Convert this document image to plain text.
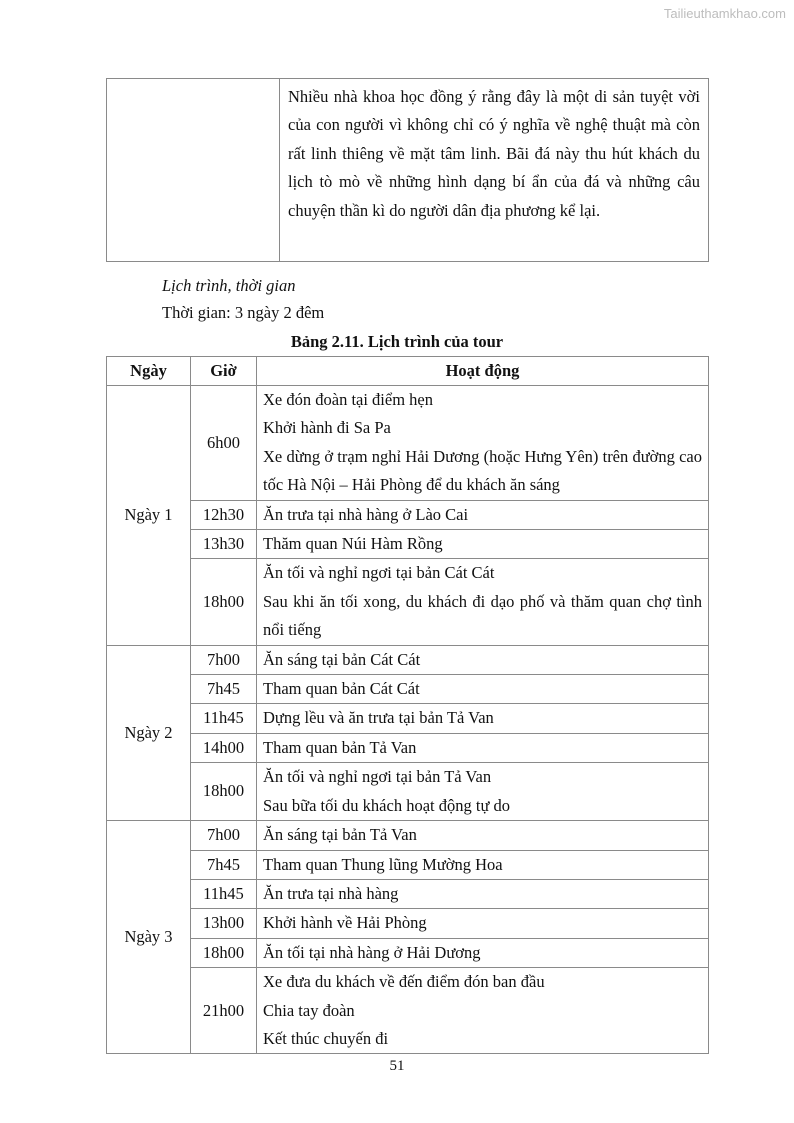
Tailieuthamkhao.com
	Nhiều nhà khoa học đồng ý rằng đây là một di sản tuyệt vời của con người vì không chỉ có ý nghĩa về nghệ thuật mà còn rất linh thiêng về mặt tâm linh. Bãi đá này thu hút khách du lịch tò mò về những hình dạng bí ẩn của đá và những câu chuyện thần kì do người dân địa phương kể lại.
Lịch trình, thời gian
Thời gian: 3 ngày 2 đêm
Bảng 2.11. Lịch trình của tour
Ngày	Giờ	Hoạt động
Ngày 1	6h00	Xe đón đoàn tại điểm hẹn
Khởi hành đi Sa Pa
Xe dừng ở trạm nghỉ Hải Dương (hoặc Hưng Yên) trên đường cao tốc Hà Nội – Hải Phòng để du khách ăn sáng

	12h30	Ăn trưa tại nhà hàng ở Lào Cai

	13h30	Thăm quan Núi Hàm Rồng

	18h00	Ăn tối và nghỉ ngơi tại bản Cát Cát
Sau khi ăn tối xong, du khách đi dạo phố và thăm quan chợ tình nổi tiếng

Ngày 2	7h00	Ăn sáng tại bản Cát Cát

	7h45	Tham quan bản Cát Cát

	11h45	Dựng lều và ăn trưa tại bản Tả Van

	14h00	Tham quan bản Tả Van

	18h00	Ăn tối và nghỉ ngơi tại bản Tả Van
Sau bữa tối du khách hoạt động tự do

Ngày 3	7h00	Ăn sáng tại bản Tả Van

	7h45	Tham quan Thung lũng Mường Hoa

	11h45	Ăn trưa tại nhà hàng

	13h00	Khởi hành về Hải Phòng

	18h00	Ăn tối tại nhà hàng ở Hải Dương

	21h00	Xe đưa du khách về đến điểm đón ban đầu
Chia tay đoàn
Kết thúc chuyến đi
51
